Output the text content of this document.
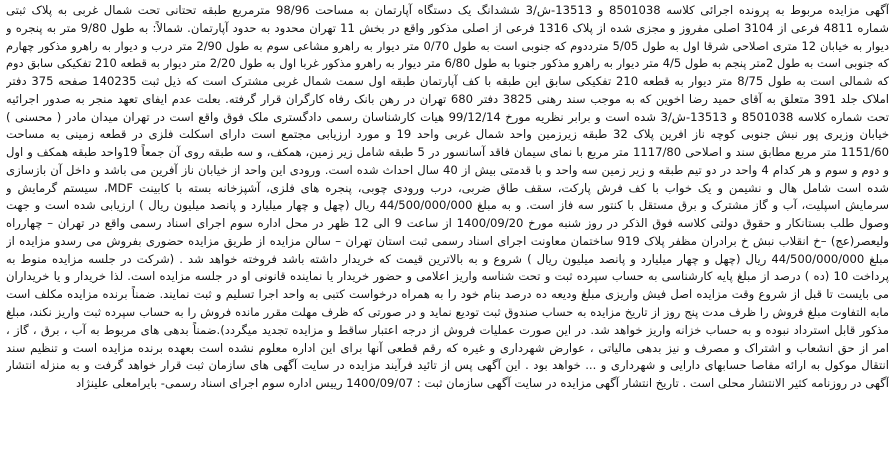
آگهی مزایده مربوط به پرونده اجرائی کلاسه 8501038 و 13513-ش/3 ششدانگ یک دستگاه آپارتمان به مساحت 98/96 مترمربع طبقه تحتانی تحت شمال غربی به پلاک ثبتی
شماره 4811 فرعی از 3104 اصلی مفروز و مجزی شده از پلاک 1316 فرعی از اصلی مذکور واقع در بخش 11 تهران محدود به حدود آپارتمان. شمالاً: به طول 9/80 متر به پنجره و
دیوار به خیابان 12 متری اصلاحی شرقا اول به طول 5/05 مترددوم که جنوبی است به طول 0/70 متر دیوار به راهرو مشاعی سوم به طول 2/90 متر درب و دیوار به راهرو مذکور چهارم
که جنوبی است به طول 2متر پنجم به طول 4/5 متر دیوار به راهرو مذکور جنوبا به طول 6/80 متر دیوار به راهرو مذکور غربا اول به طول 2/20 متر دیوار به قطعه 210 تفکیکی سابق دوم
که شمالی است به طول 8/75 متر دیوار به قطعه 210 تفکیکی سابق این طبقه با کف آپارتمان طبقه اول سمت شمال غربی مشترک است که ذیل ثبت 140235 صفحه 375 دفتر
املاک جلد 391 متعلق به آقای حمید رضا اخوین که به موجب سند رهنی 3825 دفتر 680 تهران در رهن بانک رفاه کارگران قرار گرفته. بعلت عدم ایفای تعهد منجر به صدور اجرائیه
تحت شماره کلاسه 8501038 و 13513-ش/3 شده است و برابر نظریه مورخ 99/12/14 هیات کارشناسان رسمی دادگستری ملک فوق واقع است در تهران میدان مادر ( محسنی )
خیابان وزیری پور نبش جنوبی کوچه ناز افرین پلاک 32 طبقه زیرزمین واحد شمال غربی واحد 19 و مورد ارزیابی مجتمع است دارای اسکلت فلزی در قطعه زمینی به مساحت
1151/60 متر مربع مطابق سند و اصلاحی 1117/80 متر مربع با نمای سیمان فاقد آسانسور در 5 طبقه شامل زیر زمین، همکف، و سه طبقه روی آن جمعاً 19واحد طبقه همکف و اول
و دوم و سوم و هر کدام 4 واحد در دو تیم طبقه و زیر زمین سه واحد و با قدمتی بیش از 40 سال احداث شده است. ورودی این واحد از خیابان ناز آفرین می باشد و داخل آن بازسازی
شده است شامل هال و نشیمن و یک خواب با کف فرش پارکت، سقف طاق ضربی، درب ورودی چوبی، پنجره های فلزی، آشپزخانه بسته با کابینت MDF، سیستم گرمایش و
سرمایش اسپلیت، آب و گاز مشترک و برق مستقل با کنتور سه فاز است. و به مبلغ 44/500/000/000 ریال (چهل و چهار میلیارد و پانصد میلیون ریال ) ارزیابی شده است و جهت
وصول طلب بستانکار و حقوق دولتی کلاسه فوق الذکر در روز شنبه مورخ 1400/09/20 از ساعت 9 الی 12 ظهر در محل اداره سوم اجرای اسناد رسمی واقع در تهران – چهارراه
ولیعصر(عج) –خ انقلاب نبش خ برادران مظفر پلاک 919 ساختمان معاونت اجرای اسناد رسمی ثبت استان تهران – سالن مزایده از طریق مزایده حضوری بفروش می رسدو مزایده از
مبلغ 44/500/000/000 ریال (چهل و چهار میلیارد و پانصد میلیون ریال ) شروع و به بالاترین قیمت که خریدار داشته باشد فروخته خواهد شد . (شرکت در جلسه مزایده منوط به
پرداخت 10 (ده ) درصد از مبلغ پایه کارشناسی به حساب سپرده ثبت و تحت شناسه واریز اعلامی و حضور خریدار یا نماینده قانونی او در جلسه مزایده است. لذا خریدار و یا خریداران
می بایست تا قبل از شروع وقت مزایده اصل فیش واریزی مبلغ ودیعه ده درصد بنام خود را به همراه درخواست کتبی به واحد اجرا تسلیم و ثبت نمایند. ضمناً برنده مزایده مکلف است
مابه التفاوت مبلغ فروش را ظرف مدت پنج روز از تاریخ مزایده به حساب صندوق ثبت تودیع نماید و در صورتی که ظرف مهلت مقرر مانده فروش را به حساب سپرده ثبت واریز نکند، مبلغ
مذکور قابل استرداد نبوده و به حساب خزانه واریز خواهد شد. در این صورت عملیات فروش از درجه اعتبار ساقط و مزایده تجدید میگردد).ضمناً بدهی های مربوط به آب ، برق ، گاز ،
امر از حق انشعاب و اشتراک و مصرف و نیز بدهی مالیاتی ، عوارض شهرداری و غیره که رقم قطعی آنها برای این اداره معلوم نشده است بعهده برنده مزایده است و تنظیم سند
انتقال موکول به ارائه مفاصا حسابهای دارایی و شهرداری و ... خواهد بود . این آگهی پس از تائید فرآیند مزایده در سایت آگهی های سازمان ثبت قرار خواهد گرفت و به منزله انتشار
آگهی در روزنامه کثیر الانتشار محلی است . تاریخ انتشار آگهی مزایده در سایت آگهی سازمان ثبت : 1400/09/07 رییس اداره سوم اجرای اسناد رسمی- بایرامعلی علینژاد
